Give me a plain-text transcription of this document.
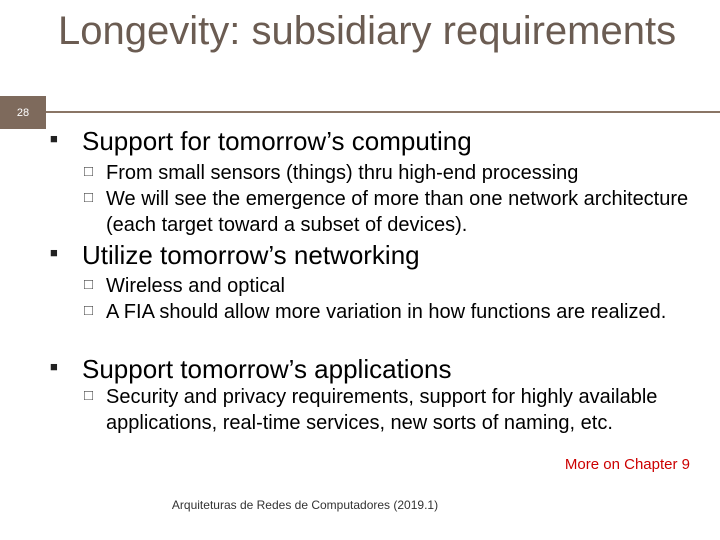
28
Longevity: subsidiary requirements
■ Support for tomorrow’s computing
□ From small sensors (things) thru high-end processing
□ We will see the emergence of more than one network architecture (each target toward a subset of devices).
■ Utilize tomorrow’s networking
□ Wireless and optical
□ A FIA should allow more variation in how functions are realized.
■ Support tomorrow’s applications
□ Security and privacy requirements, support for highly available applications, real-time services, new sorts of naming, etc.
More on Chapter 9
Arquiteturas de Redes de Computadores (2019.1)
